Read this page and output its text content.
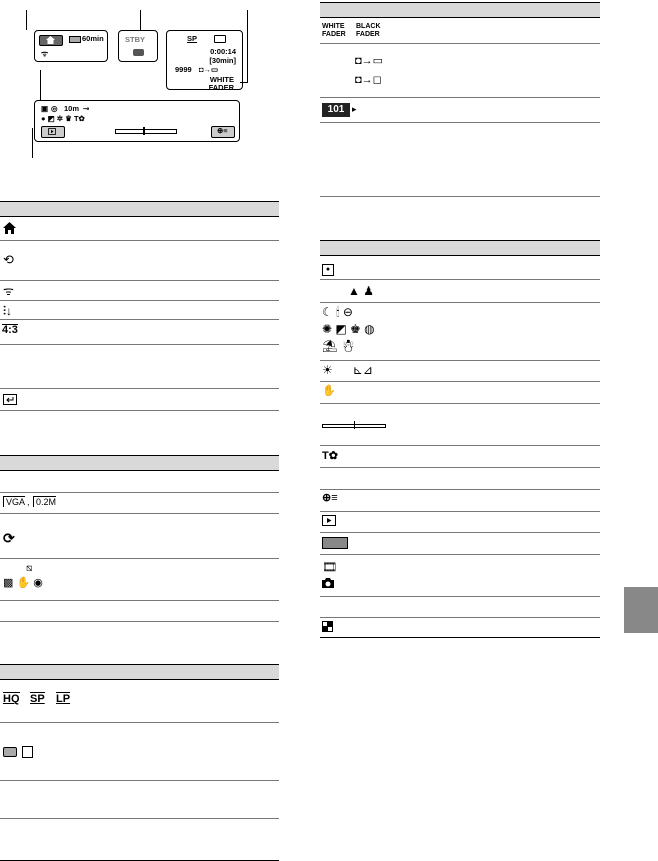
60min
ᯤ
STBY	SP
0:00:14
[30min]
9999 ◘→▭
WHITE
FADER
▣ ◎ 10m ⊸
● ◩ ✲ ♛ T✿
⊕≡
⟲
ᯤ
⫶↓
4:3
VGA , 0.2M
⟳
⧅
▩ ✋ ◉
HQ SP LP
WHITE
FADER
BLACK
FADER
◘→▭
◘→◻
101 ▸
●
▲ ♟
☾ 🕯 ⊖
✺ ◩ ♚ ◍
⛱ ☃
☀      ⊾⊿
✋
T✿
⊕≡
🎞
